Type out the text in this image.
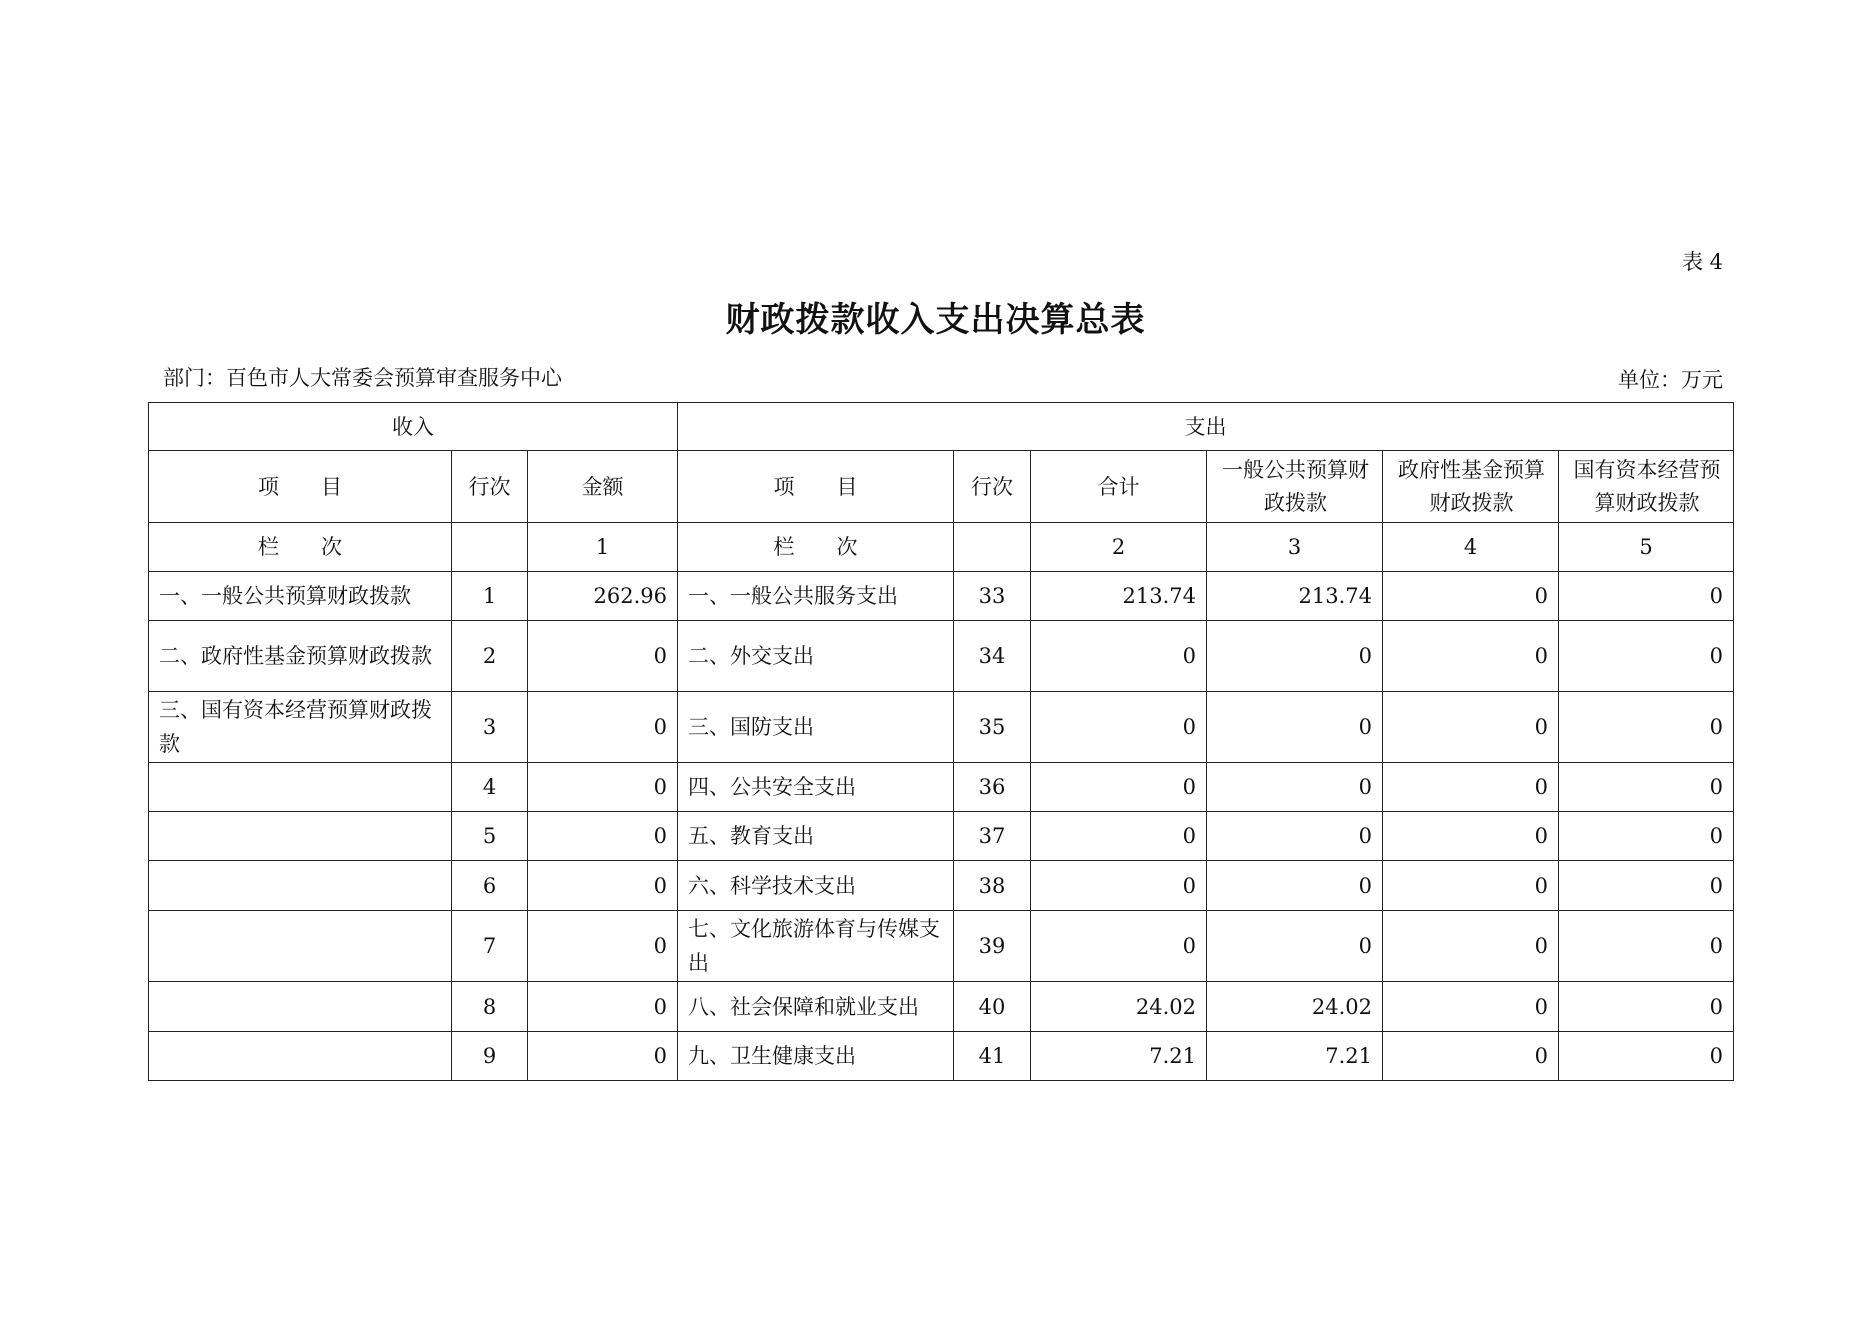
表 4
财政拨款收入支出决算总表
部门：百色市人大常委会预算审查服务中心	单位：万元
收入			支出					
项　　目	行次	金额	项　　目	行次	合计	一般公共预算财政拨款	政府性基金预算财政拨款	国有资本经营预算财政拨款
栏　　次		1	栏　　次		2	3	4	5
一、一般公共预算财政拨款	1	262.96	一、一般公共服务支出	33	213.74	213.74	0	0
二、政府性基金预算财政拨款	2	0	二、外交支出	34	0	0	0	0
三、国有资本经营预算财政拨款	3	0	三、国防支出	35	0	0	0	0
	4	0	四、公共安全支出	36	0	0	0	0
	5	0	五、教育支出	37	0	0	0	0
	6	0	六、科学技术支出	38	0	0	0	0
	7	0	七、文化旅游体育与传媒支出	39	0	0	0	0
	8	0	八、社会保障和就业支出	40	24.02	24.02	0	0
	9	0	九、卫生健康支出	41	7.21	7.21	0	0
